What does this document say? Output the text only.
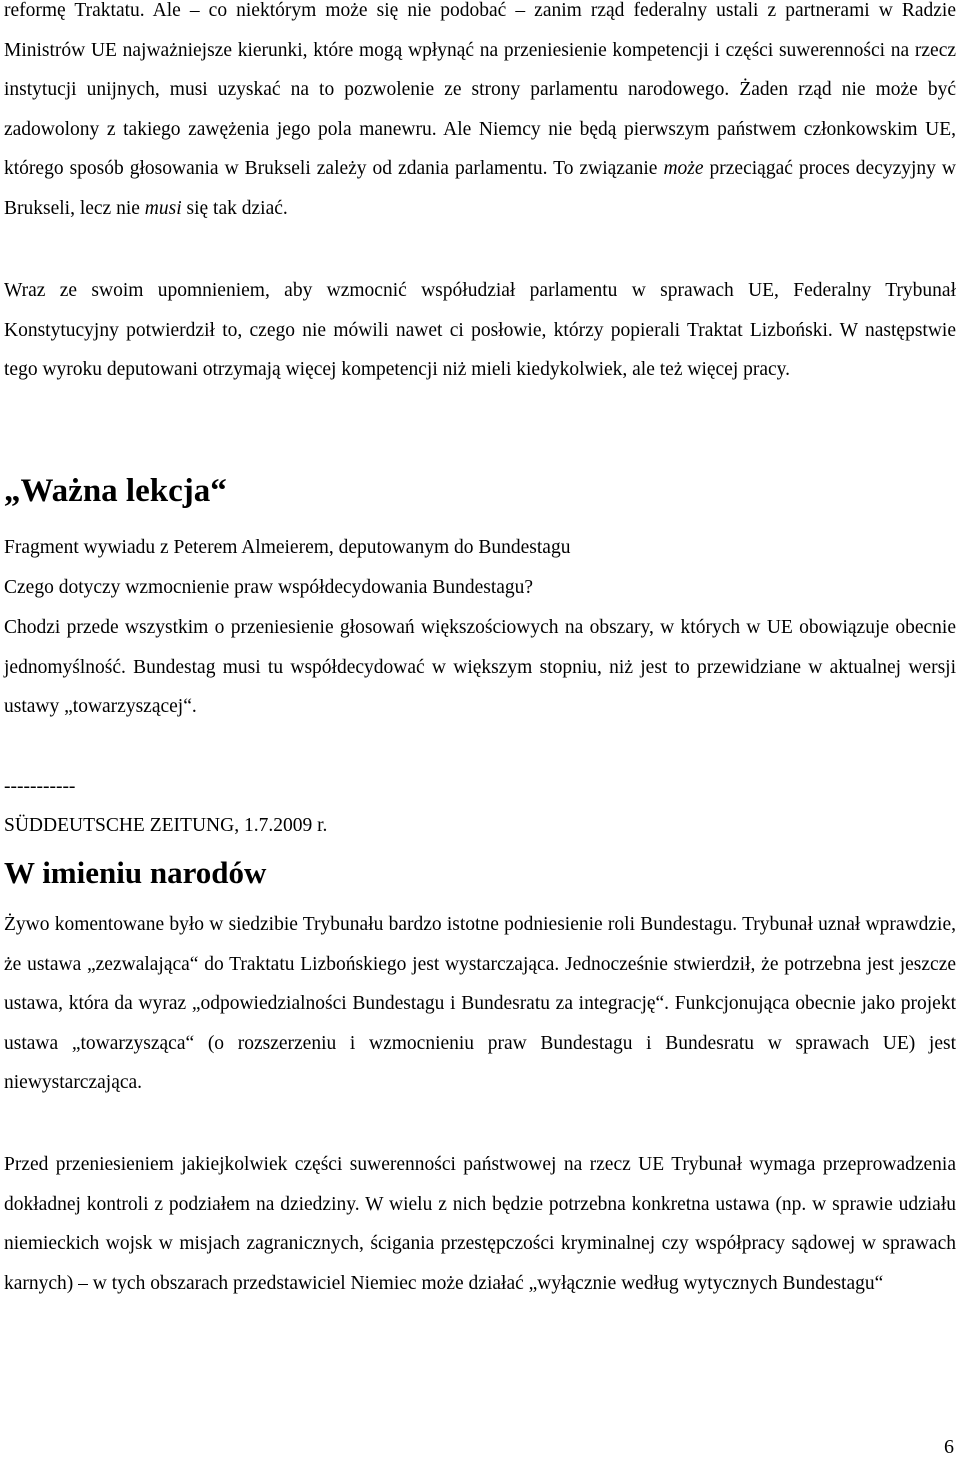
reformę Traktatu. Ale – co niektórym może się nie podobać – zanim rząd federalny ustali z partnerami w Radzie Ministrów UE najważniejsze kierunki, które mogą wpłynąć na przeniesienie kompetencji i części suwerenności na rzecz instytucji unijnych, musi uzyskać na to pozwolenie ze strony parlamentu narodowego. Żaden rząd nie może być zadowolony z takiego zawężenia jego pola manewru. Ale Niemcy nie będą pierwszym państwem członkowskim UE, którego sposób głosowania w Brukseli zależy od zdania parlamentu. To związanie może przeciągać proces decyzyjny w Brukseli, lecz nie musi się tak dziać.

Wraz ze swoim upomnieniem, aby wzmocnić współudział parlamentu w sprawach UE, Federalny Trybunał Konstytucyjny potwierdził to, czego nie mówili nawet ci posłowie, którzy popierali Traktat Lizboński. W następstwie tego wyroku deputowani otrzymają więcej kompetencji niż mieli kiedykolwiek, ale też więcej pracy.

„Ważna lekcja“

Fragment wywiadu z Peterem Almeierem, deputowanym do Bundestagu

Czego dotyczy wzmocnienie praw współdecydowania Bundestagu?

Chodzi przede wszystkim o przeniesienie głosowań większościowych na obszary, w których w UE obowiązuje obecnie jednomyślność. Bundestag musi tu współdecydować w większym stopniu, niż jest to przewidziane w aktualnej wersji ustawy „towarzyszącej“.

-----------

SÜDDEUTSCHE ZEITUNG, 1.7.2009 r.

W imieniu narodów

Żywo komentowane było w siedzibie Trybunału bardzo istotne podniesienie roli Bundestagu. Trybunał uznał wprawdzie, że ustawa „zezwalająca“ do Traktatu Lizbońskiego jest wystarczająca. Jednocześnie stwierdził, że potrzebna jest jeszcze ustawa, która da wyraz „odpowiedzialności Bundestagu i Bundesratu za integrację“. Funkcjonująca obecnie jako projekt ustawa „towarzysząca“ (o rozszerzeniu i wzmocnieniu praw Bundestagu i Bundesratu w sprawach UE) jest niewystarczająca.

Przed przeniesieniem jakiejkolwiek części suwerenności państwowej na rzecz UE Trybunał wymaga przeprowadzenia dokładnej kontroli z podziałem na dziedziny. W wielu z nich będzie potrzebna konkretna ustawa (np. w sprawie udziału niemieckich wojsk w misjach zagranicznych, ścigania przestępczości kryminalnej czy współpracy sądowej w sprawach karnych) – w tych obszarach przedstawiciel Niemiec może działać „wyłącznie według wytycznych Bundestagu“

6
